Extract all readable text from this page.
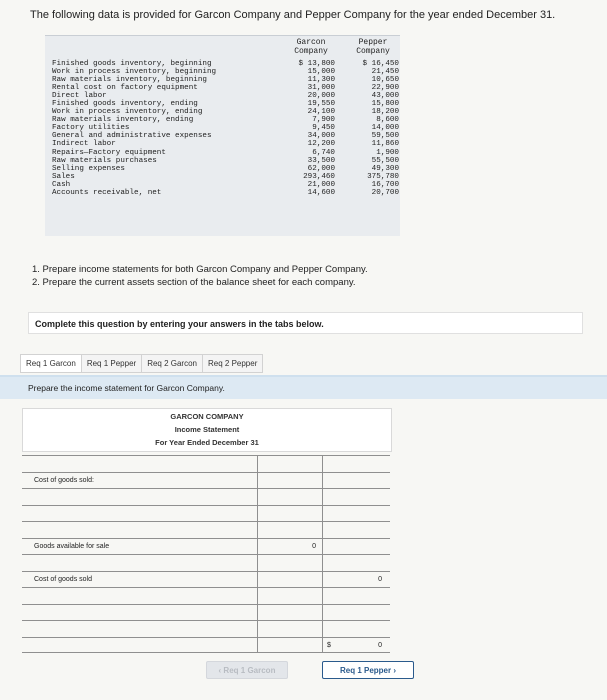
The following data is provided for Garcon Company and Pepper Company for the year ended December 31.
Garcon
Company
Pepper
Company
Finished goods inventory, beginning	$ 13,800	$ 16,450
Work in process inventory, beginning	15,000	21,450
Raw materials inventory, beginning	11,300	10,650
Rental cost on factory equipment	31,000	22,900
Direct labor	20,000	43,000
Finished goods inventory, ending	19,550	15,800
Work in process inventory, ending	24,100	18,200
Raw materials inventory, ending	7,900	8,600
Factory utilities	9,450	14,000
General and administrative expenses	34,000	59,500
Indirect labor	12,200	11,860
Repairs—Factory equipment	6,740	1,900
Raw materials purchases	33,500	55,500
Selling expenses	62,000	49,300
Sales	293,460	375,780
Cash	21,000	16,700
Accounts receivable, net	14,600	20,700
1. Prepare income statements for both Garcon Company and Pepper Company.
2. Prepare the current assets section of the balance sheet for each company.
Complete this question by entering your answers in the tabs below.
Req 1 Garcon	Req 1 Pepper	Req 2 Garcon	Req 2 Pepper
Prepare the income statement for Garcon Company.
GARCON COMPANY
Income Statement
For Year Ended December 31
Cost of goods sold:
Goods available for sale	0
Cost of goods sold	0
$	0
‹ Req 1 Garcon	Req 1 Pepper ›
